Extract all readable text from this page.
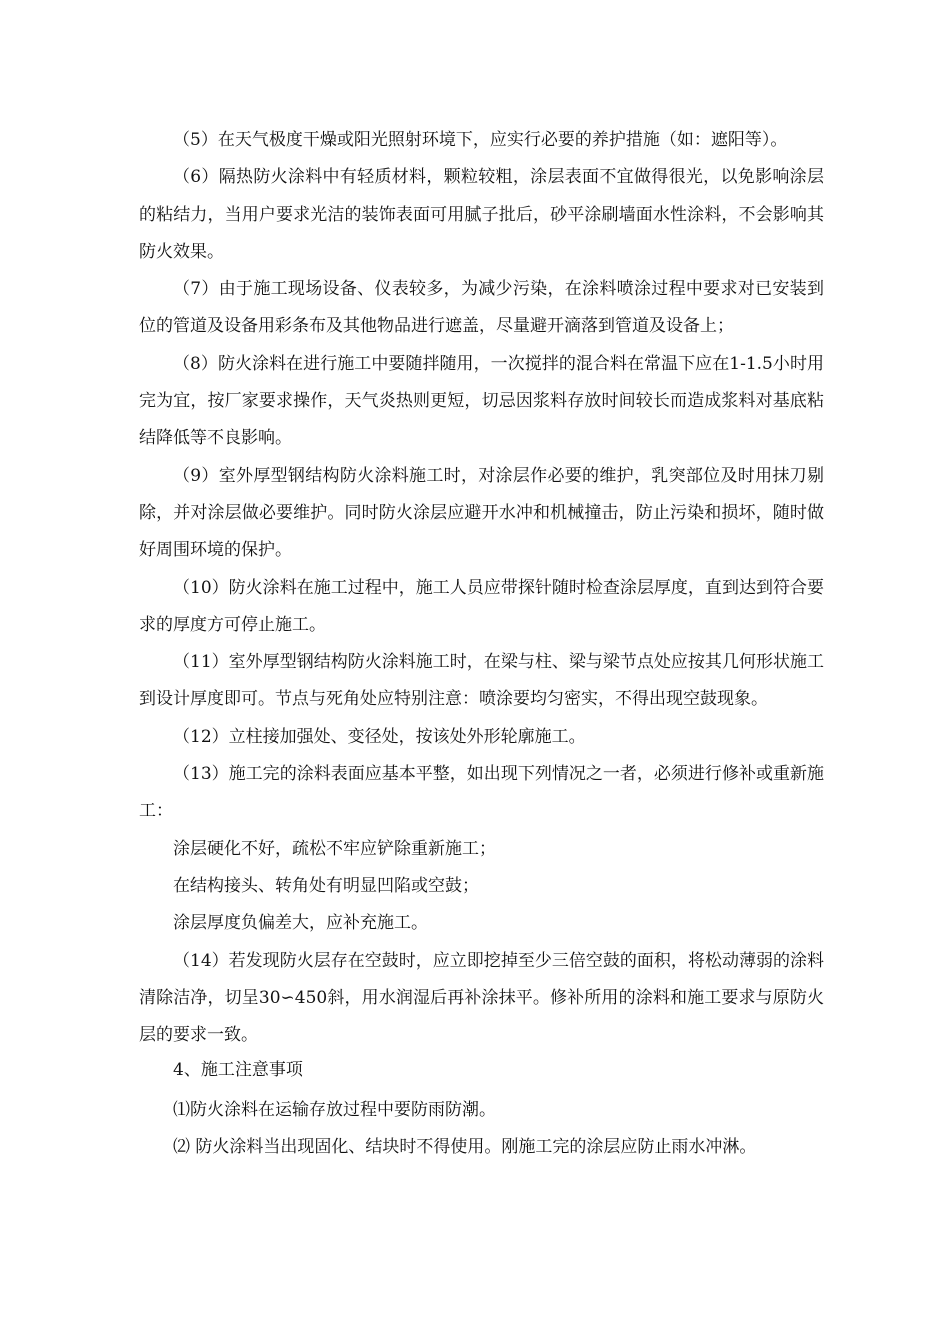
（5）在天气极度干燥或阳光照射环境下，应实行必要的养护措施（如：遮阳等）。

（6）隔热防火涂料中有轻质材料，颗粒较粗，涂层表面不宜做得很光，以免影响涂层的粘结力，当用户要求光洁的装饰表面可用腻子批后，砂平涂刷墙面水性涂料，不会影响其防火效果。

（7）由于施工现场设备、仪表较多，为减少污染，在涂料喷涂过程中要求对已安装到位的管道及设备用彩条布及其他物品进行遮盖，尽量避开滴落到管道及设备上；

（8）防火涂料在进行施工中要随拌随用，一次搅拌的混合料在常温下应在1-1.5小时用完为宜，按厂家要求操作，天气炎热则更短，切忌因浆料存放时间较长而造成浆料对基底粘结降低等不良影响。

（9）室外厚型钢结构防火涂料施工时，对涂层作必要的维护，乳突部位及时用抹刀剔除，并对涂层做必要维护。同时防火涂层应避开水冲和机械撞击，防止污染和损坏，随时做好周围环境的保护。

（10）防火涂料在施工过程中，施工人员应带探针随时检查涂层厚度，直到达到符合要求的厚度方可停止施工。

（11）室外厚型钢结构防火涂料施工时，在梁与柱、梁与梁节点处应按其几何形状施工到设计厚度即可。节点与死角处应特别注意：喷涂要均匀密实，不得出现空鼓现象。

（12）立柱接加强处、变径处，按该处外形轮廓施工。

（13）施工完的涂料表面应基本平整，如出现下列情况之一者，必须进行修补或重新施工：

涂层硬化不好，疏松不牢应铲除重新施工；

在结构接头、转角处有明显凹陷或空鼓；

涂层厚度负偏差大，应补充施工。

（14）若发现防火层存在空鼓时，应立即挖掉至少三倍空鼓的面积，将松动薄弱的涂料清除洁净，切呈30∽450斜，用水润湿后再补涂抹平。修补所用的涂料和施工要求与原防火层的要求一致。

4、施工注意事项

⑴防火涂料在运输存放过程中要防雨防潮。

⑵ 防火涂料当出现固化、结块时不得使用。刚施工完的涂层应防止雨水冲淋。
